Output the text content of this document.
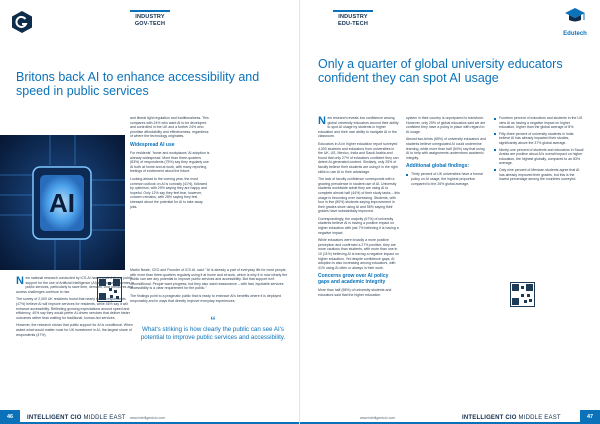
INDUSTRY
GOV-TECH
Britons back AI to enhance accessibility and speed in public services
AI

and liberal light regulation and traditionalness. This compares with 24% who want AI to be developed and controlled in the UK and a further 24% who prioritise affordability and effectiveness, regardless of where the technology originates.

Widespread AI use

For residents' 'home and workplaces' AI adoption is already widespread. More than three-quarters (83%) of respondents (75%) say they regularly use AI both at home and at work, with many reporting feelings of excitement about the future.

Looking ahead to the coming year, the most common outlook on AI is curiosity (41%), followed by optimism, with 29% saying they are happy and hopeful. Only 12% say they feel fear, however, concern remains, with 28% saying they feel stressed about the potential for AI to take away jobs.

Martin Neale, CEO and Founder of ICS.AI, said: "AI is already a part of everyday life for most people, with more than three-quarters regularly using it at home and at work, which is why it is now clearly the public can see any potential to improve public services and accessibility. But that support isn't unconditional. People want progress, but they also want reassurance – with fast, equitable services accessibility is a clear requirement for the public."

The findings point to a pragmatic public that is ready to embrace AI's benefits where it is deployed responsibly and in ways that directly improve everyday experiences.

New national research conducted by ICS.AI has revealed strong public support for the use of Artificial Intelligence (AI) to improve outcomes in public services, particularly to save time, demand, cost pressures and access challenges continue to rise.

The survey of 2,000 UK residents found that nearly half of respondents (47%) believe AI will improve services for residents, while 46% say it will enhance accessibility. Reflecting growing expectations around speed and efficiency, 40% say they would prefer AI-driven services that deliver faster outcomes rather than waiting for traditional, human-led services.

However, the research shows that public support for AI is conditional. When asked what would matter most for UK investment in AI, the largest share of respondents (47%)

“
What's striking is how clearly the public can see AI's potential to improve public services and accessibility.
46	INTELLIGENT CIO MIDDLE EAST www.intelligentcio.com
INDUSTRY
EDU-TECH
Edutech
Only a quarter of global university educators confident they can spot AI usage

New research reveals low confidence among global university educators around their ability to spot AI usage by students in higher education and their own ability to navigate AI in the classroom.

Educators in AI in higher education report surveyed 4,000 students and educators from universities in the UK, US, Mexico, India and Saudi Arabia and found that only 27% of educators confident they can detect AI-generated content. Similarly, only 25% of faculty believe their students are using it in the right skills to use AI to their advantage.

The lack of faculty confidence corresponds with a growing prevalence in student use of AI. University students worldwide admit they are using AI to complete almost half (44%) of their study tasks – this usage is becoming ever increasing. Students, with four in five (80%) students saying improvement in their grades since using AI and 55% saying their grades have substantially improved.

Correspondingly, the majority (67%) of university students believe AI is having a positive impact on higher education with just 7% believing it is having a negative impact.

While educators were broadly a more positive perception and confirmed a 27% positive, they are more cautious than students, with more than one in 10 (11%) believing AI is having a negative impact on higher education. Yet despite confidence gaps, AI adoption is also increasing among educators, with 41% using AI often or always in their work.

Concerns grow over AI policy gaps and academic integrity

More than half (58%) of university students and educators said that the higher education

system in their country is unprepared to transform. However, only 29% of global educators said we are confident they have a policy in place with regard to AI usage.

Almost two-thirds (65%) of university educators and students believe unregulated AI could undermine learning, while more than half (54%) say that using AI to help with assignments undermines academic integrity.

Additional global findings:
Thirty percent of UK universities have a formal policy on AI usage, the highest proportion compared to the 26% global average.
Fourteen percent of educators and students in the US view AI as having a negative impact on higher education, higher than the global average of 8%.
Fifty-three percent of university students in India believe AI has already impacted their studies, significantly above the 37% global average.
Ninety-one percent of students and educators in Saudi Arabia are positive about AI's overall impact on higher education, the highest globally, compared to an 83% average.
Only nine percent of Mexican students agree that AI has already improved their grades, but this is the lowest percentage among the countries surveyed.
www.intelligentcio.com	INTELLIGENT CIO MIDDLE EAST	47
